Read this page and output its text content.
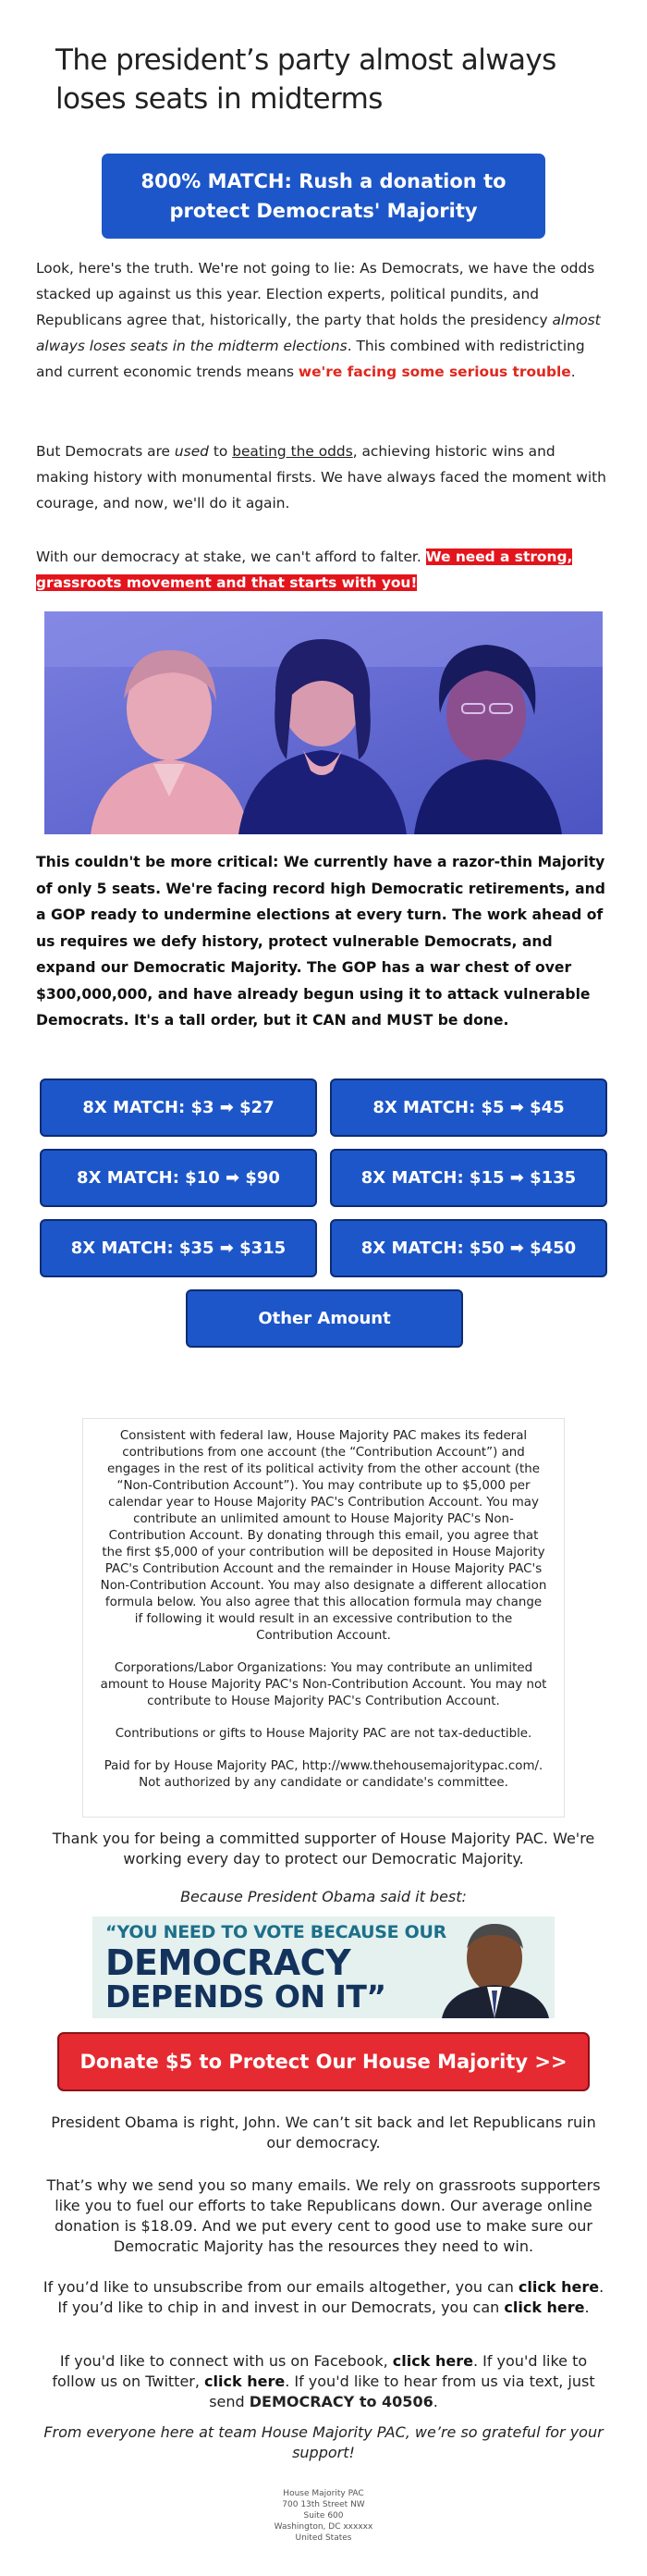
The president’s party almost always loses seats in midterms
800% MATCH: Rush a donation to protect Democrats' Majority

Look, here's the truth. We're not going to lie: As Democrats, we have the odds stacked up against us this year. Election experts, political pundits, and Republicans agree that, historically, the party that holds the presidency almost always loses seats in the midterm elections. This combined with redistricting and current economic trends means we're facing some serious trouble.

But Democrats are used to beating the odds, achieving historic wins and making history with monumental firsts. We have always faced the moment with courage, and now, we'll do it again.

With our democracy at stake, we can't afford to falter. We need a strong, grassroots movement and that starts with you!

This couldn't be more critical: We currently have a razor-thin Majority of only 5 seats. We're facing record high Democratic retirements, and a GOP ready to undermine elections at every turn. The work ahead of us requires we defy history, protect vulnerable Democrats, and expand our Democratic Majority. The GOP has a war chest of over $300,000,000, and have already begun using it to attack vulnerable Democrats. It's a tall order, but it CAN and MUST be done.

8X MATCH: $3 ➡ $27	8X MATCH: $5 ➡ $45
8X MATCH: $10 ➡ $90	8X MATCH: $15 ➡ $135
8X MATCH: $35 ➡ $315	8X MATCH: $50 ➡ $450
Other Amount

Consistent with federal law, House Majority PAC makes its federal contributions from one account (the “Contribution Account”) and engages in the rest of its political activity from the other account (the “Non-Contribution Account”). You may contribute up to $5,000 per calendar year to House Majority PAC's Contribution Account. You may contribute an unlimited amount to House Majority PAC's Non-Contribution Account. By donating through this email, you agree that the first $5,000 of your contribution will be deposited in House Majority PAC's Contribution Account and the remainder in House Majority PAC's Non-Contribution Account. You may also designate a different allocation formula below. You also agree that this allocation formula may change if following it would result in an excessive contribution to the Contribution Account.

Corporations/Labor Organizations: You may contribute an unlimited amount to House Majority PAC's Non-Contribution Account. You may not contribute to House Majority PAC's Contribution Account.

Contributions or gifts to House Majority PAC are not tax-deductible.

Paid for by House Majority PAC, http://www.thehousemajoritypac.com/. Not authorized by any candidate or candidate's committee.

Thank you for being a committed supporter of House Majority PAC. We're working every day to protect our Democratic Majority.

Because President Obama said it best:

“YOU NEED TO VOTE BECAUSE OUR
DEMOCRACY
DEPENDS ON IT”
Donate $5 to Protect Our House Majority >>

President Obama is right, John. We can’t sit back and let Republicans ruin our democracy.

That’s why we send you so many emails. We rely on grassroots supporters like you to fuel our efforts to take Republicans down. Our average online donation is $18.09. And we put every cent to good use to make sure our Democratic Majority has the resources they need to win.

If you’d like to unsubscribe from our emails altogether, you can click here. If you’d like to chip in and invest in our Democrats, you can click here.

If you'd like to connect with us on Facebook, click here. If you'd like to follow us on Twitter, click here. If you'd like to hear from us via text, just send DEMOCRACY to 40506.

From everyone here at team House Majority PAC, we’re so grateful for your support!

House Majority PAC
700 13th Street NW
Suite 600
Washington, DC xxxxxx
United States
